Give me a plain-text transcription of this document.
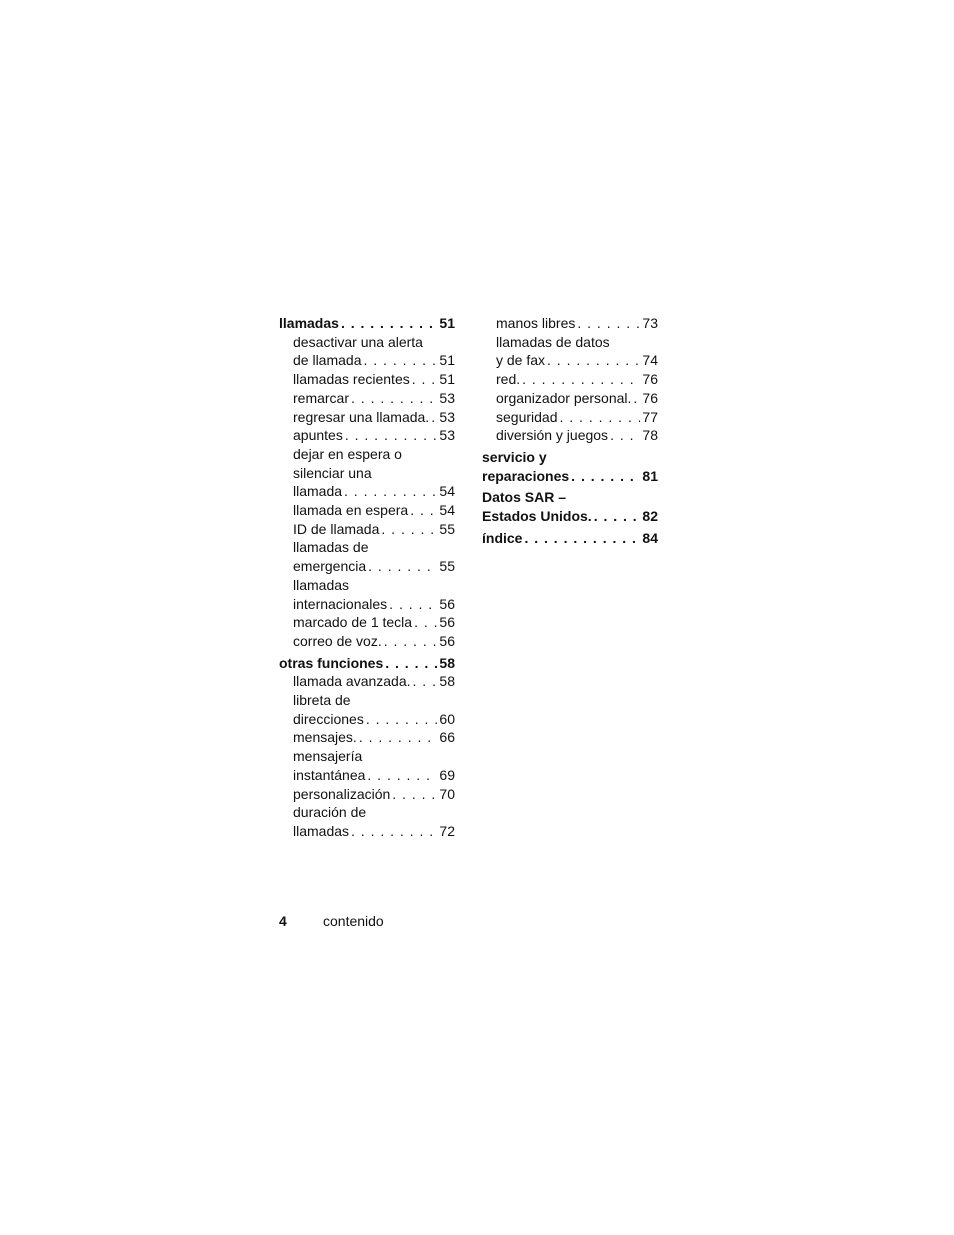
llamadas . . .	51
desactivar una alerta
de llamada . . .	51
llamadas recientes . . . 51
remarcar . . .	53
regresar una llamada. . . . 53
apuntes . . .	53
dejar en espera o
silenciar una
llamada . . .	54
llamada en espera . . . 54
ID de llamada . . .	55
llamadas de
emergencia . . .	55
llamadas
internacionales . . .	56
marcado de 1 tecla . . . 56
correo de voz. . . .	56
otras funciones . . .	58
llamada avanzada. . . . 58
libreta de
direcciones . . .	60
mensajes. . . .	66
mensajería
instantánea . . .	69
personalización . . .	70
duración de
llamadas . . .	72
manos libres . . .	73
llamadas de datos
y de fax . . .	74
red. . . .	76
organizador personal. . . . 76
seguridad . . .	77
diversión y juegos . . . 78
servicio y
reparaciones . . .	81
Datos SAR –
Estados Unidos. . . .	82
índice . . .	84
4	contenido
